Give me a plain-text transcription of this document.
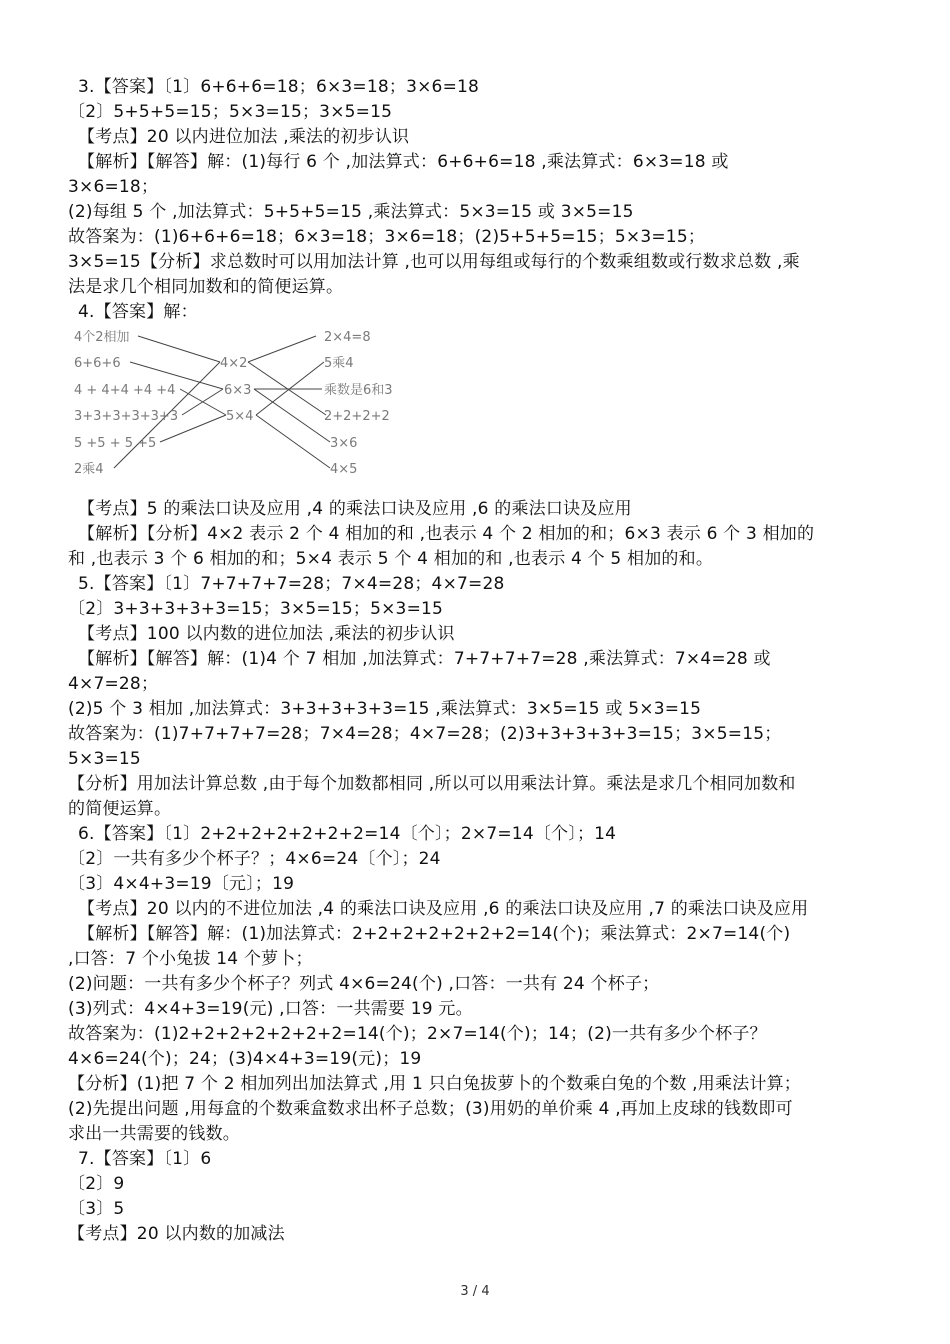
3.【答案】〔1〕6+6+6=18；6×3=18；3×6=18
〔2〕5+5+5=15；5×3=15；3×5=15
【考点】20 以内进位加法 ,乘法的初步认识
【解析】【解答】解：(1)每行 6 个 ,加法算式：6+6+6=18 ,乘法算式：6×3=18 或
3×6=18；
(2)每组 5 个 ,加法算式：5+5+5=15 ,乘法算式：5×3=15 或 3×5=15
故答案为：(1)6+6+6=18；6×3=18；3×6=18；(2)5+5+5=15；5×3=15；
3×5=15【分析】求总数时可以用加法计算 ,也可以用每组或每行的个数乘组数或行数求总数 ,乘
法是求几个相同加数和的简便运算。
4.【答案】解：
【考点】5 的乘法口诀及应用 ,4 的乘法口诀及应用 ,6 的乘法口诀及应用
【解析】【分析】4×2 表示 2 个 4 相加的和 ,也表示 4 个 2 相加的和；6×3 表示 6 个 3 相加的
和 ,也表示 3 个 6 相加的和；5×4 表示 5 个 4 相加的和 ,也表示 4 个 5 相加的和。
5.【答案】〔1〕7+7+7+7=28；7×4=28；4×7=28
〔2〕3+3+3+3+3=15；3×5=15；5×3=15
【考点】100 以内数的进位加法 ,乘法的初步认识
【解析】【解答】解：(1)4 个 7 相加 ,加法算式：7+7+7+7=28 ,乘法算式：7×4=28 或
4×7=28；
(2)5 个 3 相加 ,加法算式：3+3+3+3+3=15 ,乘法算式：3×5=15 或 5×3=15
故答案为：(1)7+7+7+7=28；7×4=28；4×7=28；(2)3+3+3+3+3=15；3×5=15；
5×3=15
【分析】用加法计算总数 ,由于每个加数都相同 ,所以可以用乘法计算。乘法是求几个相同加数和
的简便运算。
6.【答案】〔1〕2+2+2+2+2+2+2=14〔个〕；2×7=14〔个〕；14
〔2〕一共有多少个杯子？；4×6=24〔个〕；24
〔3〕4×4+3=19〔元〕；19
【考点】20 以内的不进位加法 ,4 的乘法口诀及应用 ,6 的乘法口诀及应用 ,7 的乘法口诀及应用
【解析】【解答】解：(1)加法算式：2+2+2+2+2+2+2=14(个)；乘法算式：2×7=14(个)
,口答：7 个小兔拔 14 个萝卜；
(2)问题：一共有多少个杯子？列式 4×6=24(个) ,口答：一共有 24 个杯子；
(3)列式：4×4+3=19(元) ,口答：一共需要 19 元。
故答案为：(1)2+2+2+2+2+2+2=14(个)；2×7=14(个)；14；(2)一共有多少个杯子？
4×6=24(个)；24；(3)4×4+3=19(元)；19
【分析】(1)把 7 个 2 相加列出加法算式 ,用 1 只白兔拔萝卜的个数乘白兔的个数 ,用乘法计算；
(2)先提出问题 ,用每盒的个数乘盒数求出杯子总数；(3)用奶的单价乘 4 ,再加上皮球的钱数即可
求出一共需要的钱数。
7.【答案】〔1〕6
〔2〕9
〔3〕5
【考点】20 以内数的加减法
4个2相加
6+6+6
4 + 4+4 +4 +4
3+3+3+3+3+3
5 +5 + 5 +5
2乘4
4×2
6×3
5×4
2×4=8
5乘4
乘数是6和3
2+2+2+2
3×6
4×5
3 / 4
